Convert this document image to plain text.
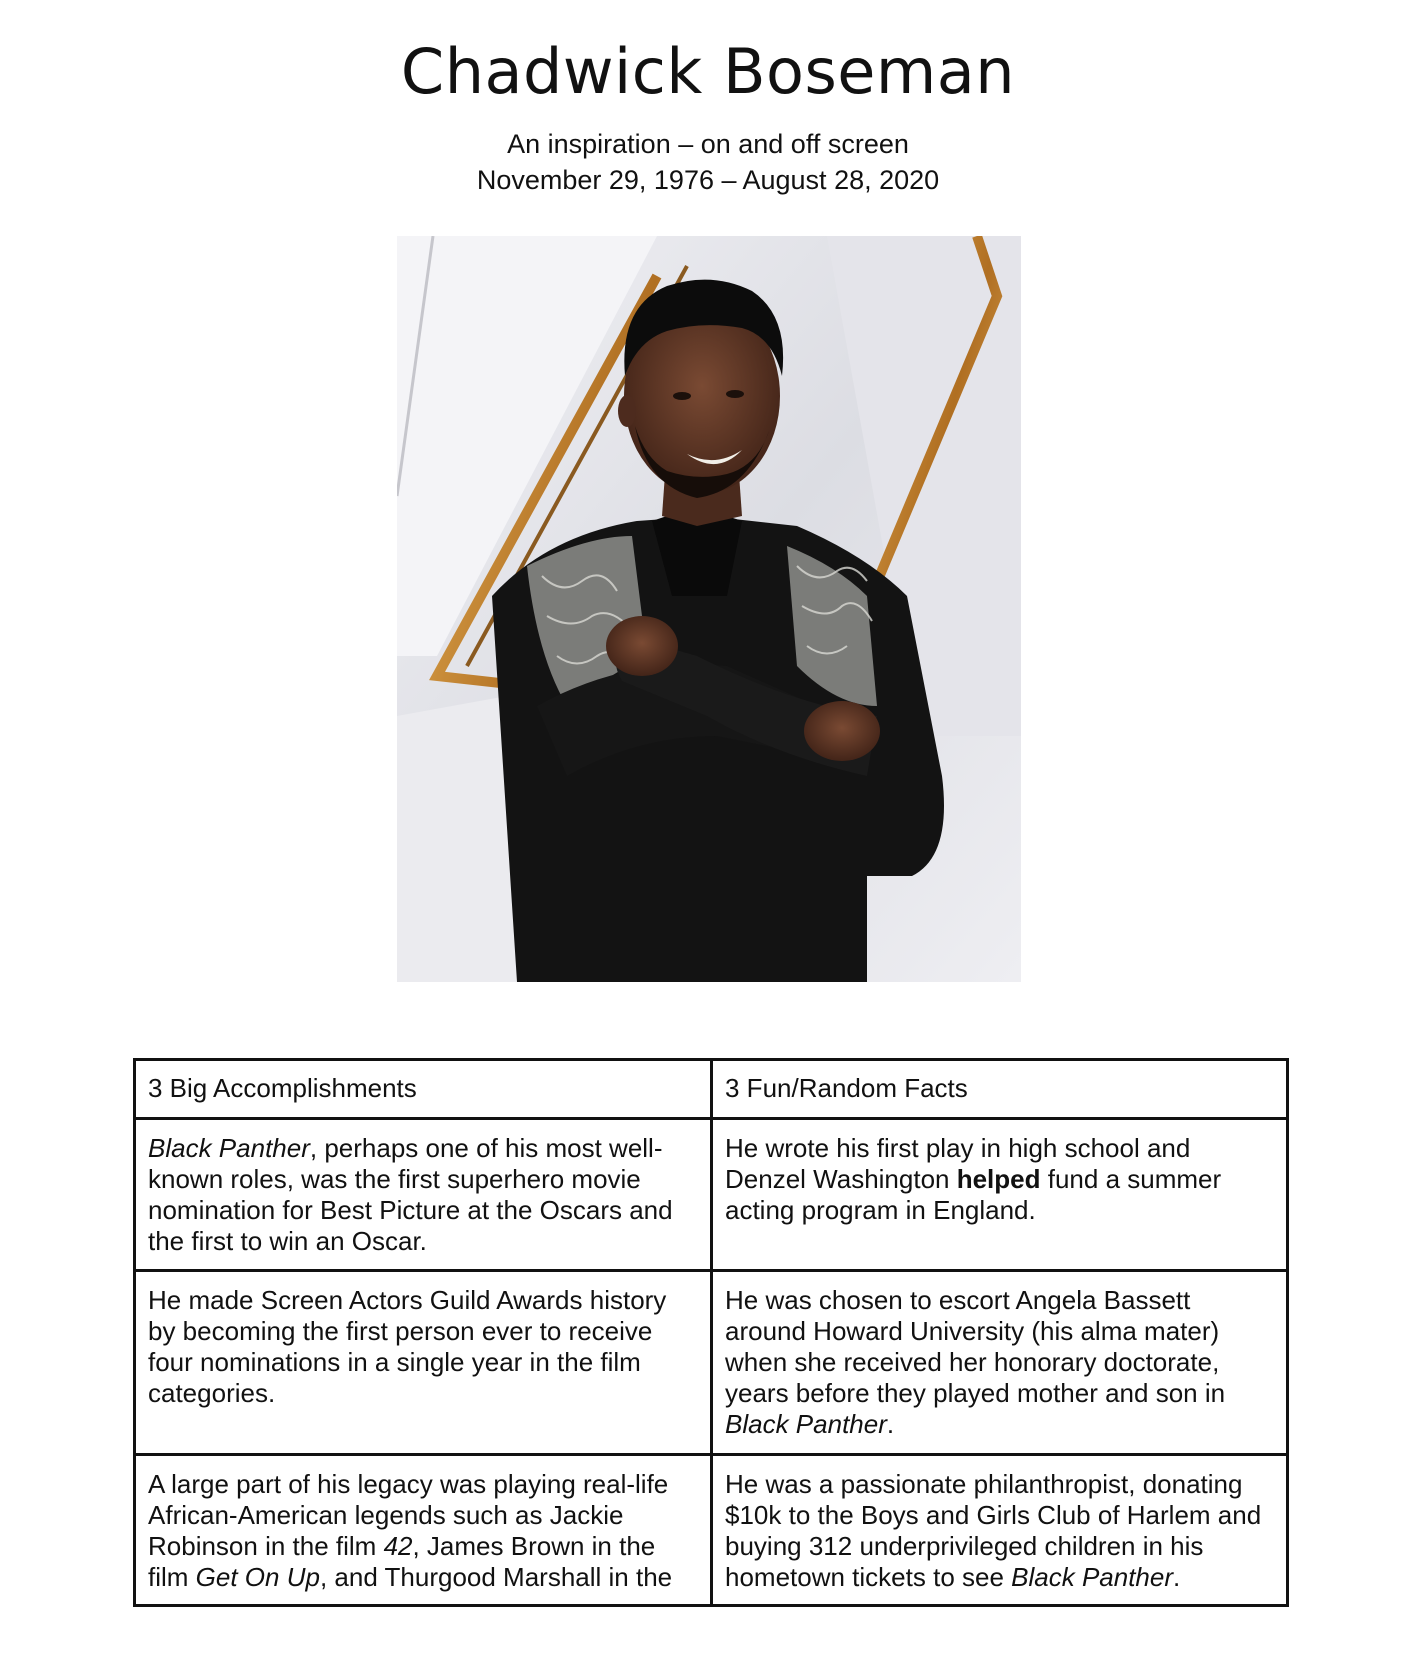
Chadwick Boseman
An inspiration – on and off screen
November 29, 1976 – August 28, 2020
3 Big Accomplishments	3 Fun/Random Facts
Black Panther, perhaps one of his most well-known roles, was the first superhero movie nomination for Best Picture at the Oscars and the first to win an Oscar.	He wrote his first play in high school and Denzel Washington helped fund a summer acting program in England.
He made Screen Actors Guild Awards history by becoming the first person ever to receive four nominations in a single year in the film categories.	He was chosen to escort Angela Bassett around Howard University (his alma mater) when she received her honorary doctorate, years before they played mother and son in Black Panther.
A large part of his legacy was playing real-life African-American legends such as Jackie Robinson in the film 42, James Brown in the film Get On Up, and Thurgood Marshall in the	He was a passionate philanthropist, donating $10k to the Boys and Girls Club of Harlem and buying 312 underprivileged children in his hometown tickets to see Black Panther.
